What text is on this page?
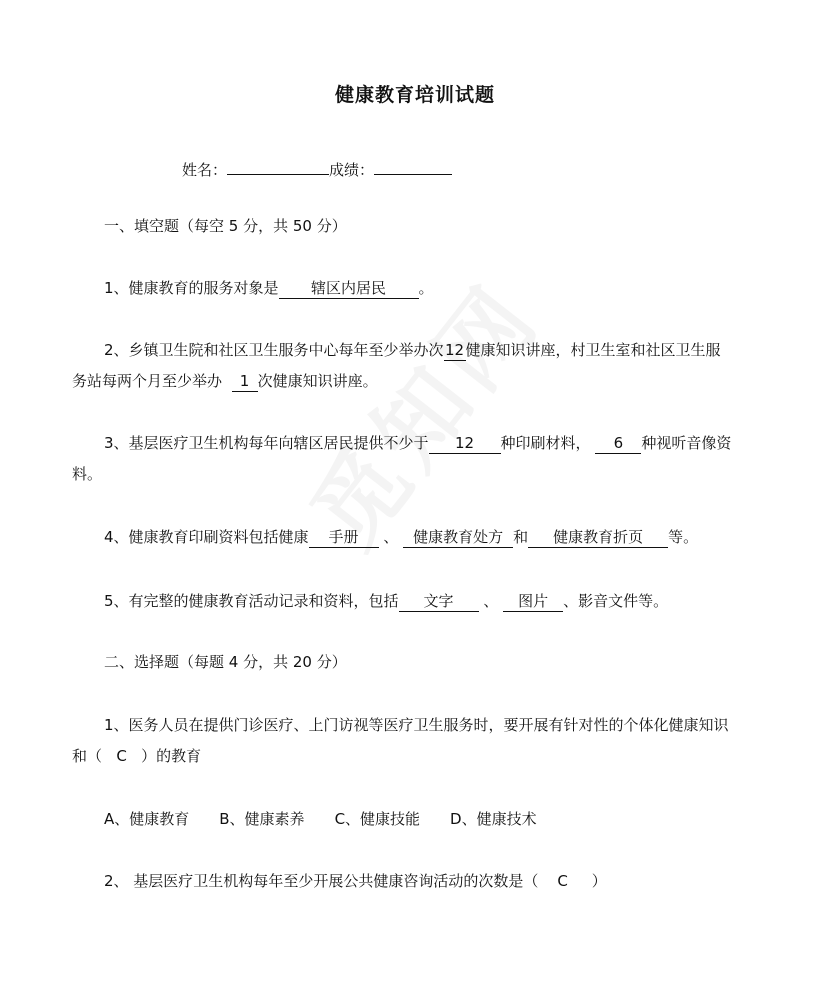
健康教育培训试题
姓名：	成绩：
一、填空题（每空 5 分，共 50 分）
1、健康教育的服务对象是 辖区内居民 。
2、乡镇卫生院和社区卫生服务中心每年至少举办次12健康知识讲座，村卫生室和社区卫生服
务站每两个月至少举办 1 次健康知识讲座。
3、基层医疗卫生机构每年向辖区居民提供不少于 12 种印刷材料， 6 种视听音像资
料。
4、健康教育印刷资料包括健康 手册 、 健康教育处方 和 健康教育折页 等。
5、有完整的健康教育活动记录和资料，包括 文字 、 图片 、影音文件等。
二、选择题（每题 4 分，共 20 分）
1、医务人员在提供门诊医疗、上门访视等医疗卫生服务时，要开展有针对性的个体化健康知识
和（ C ）的教育
A、健康教育 B、健康素养 C、健康技能 D、健康技术
2、 基层医疗卫生机构每年至少开展公共健康咨询活动的次数是（ C ）
